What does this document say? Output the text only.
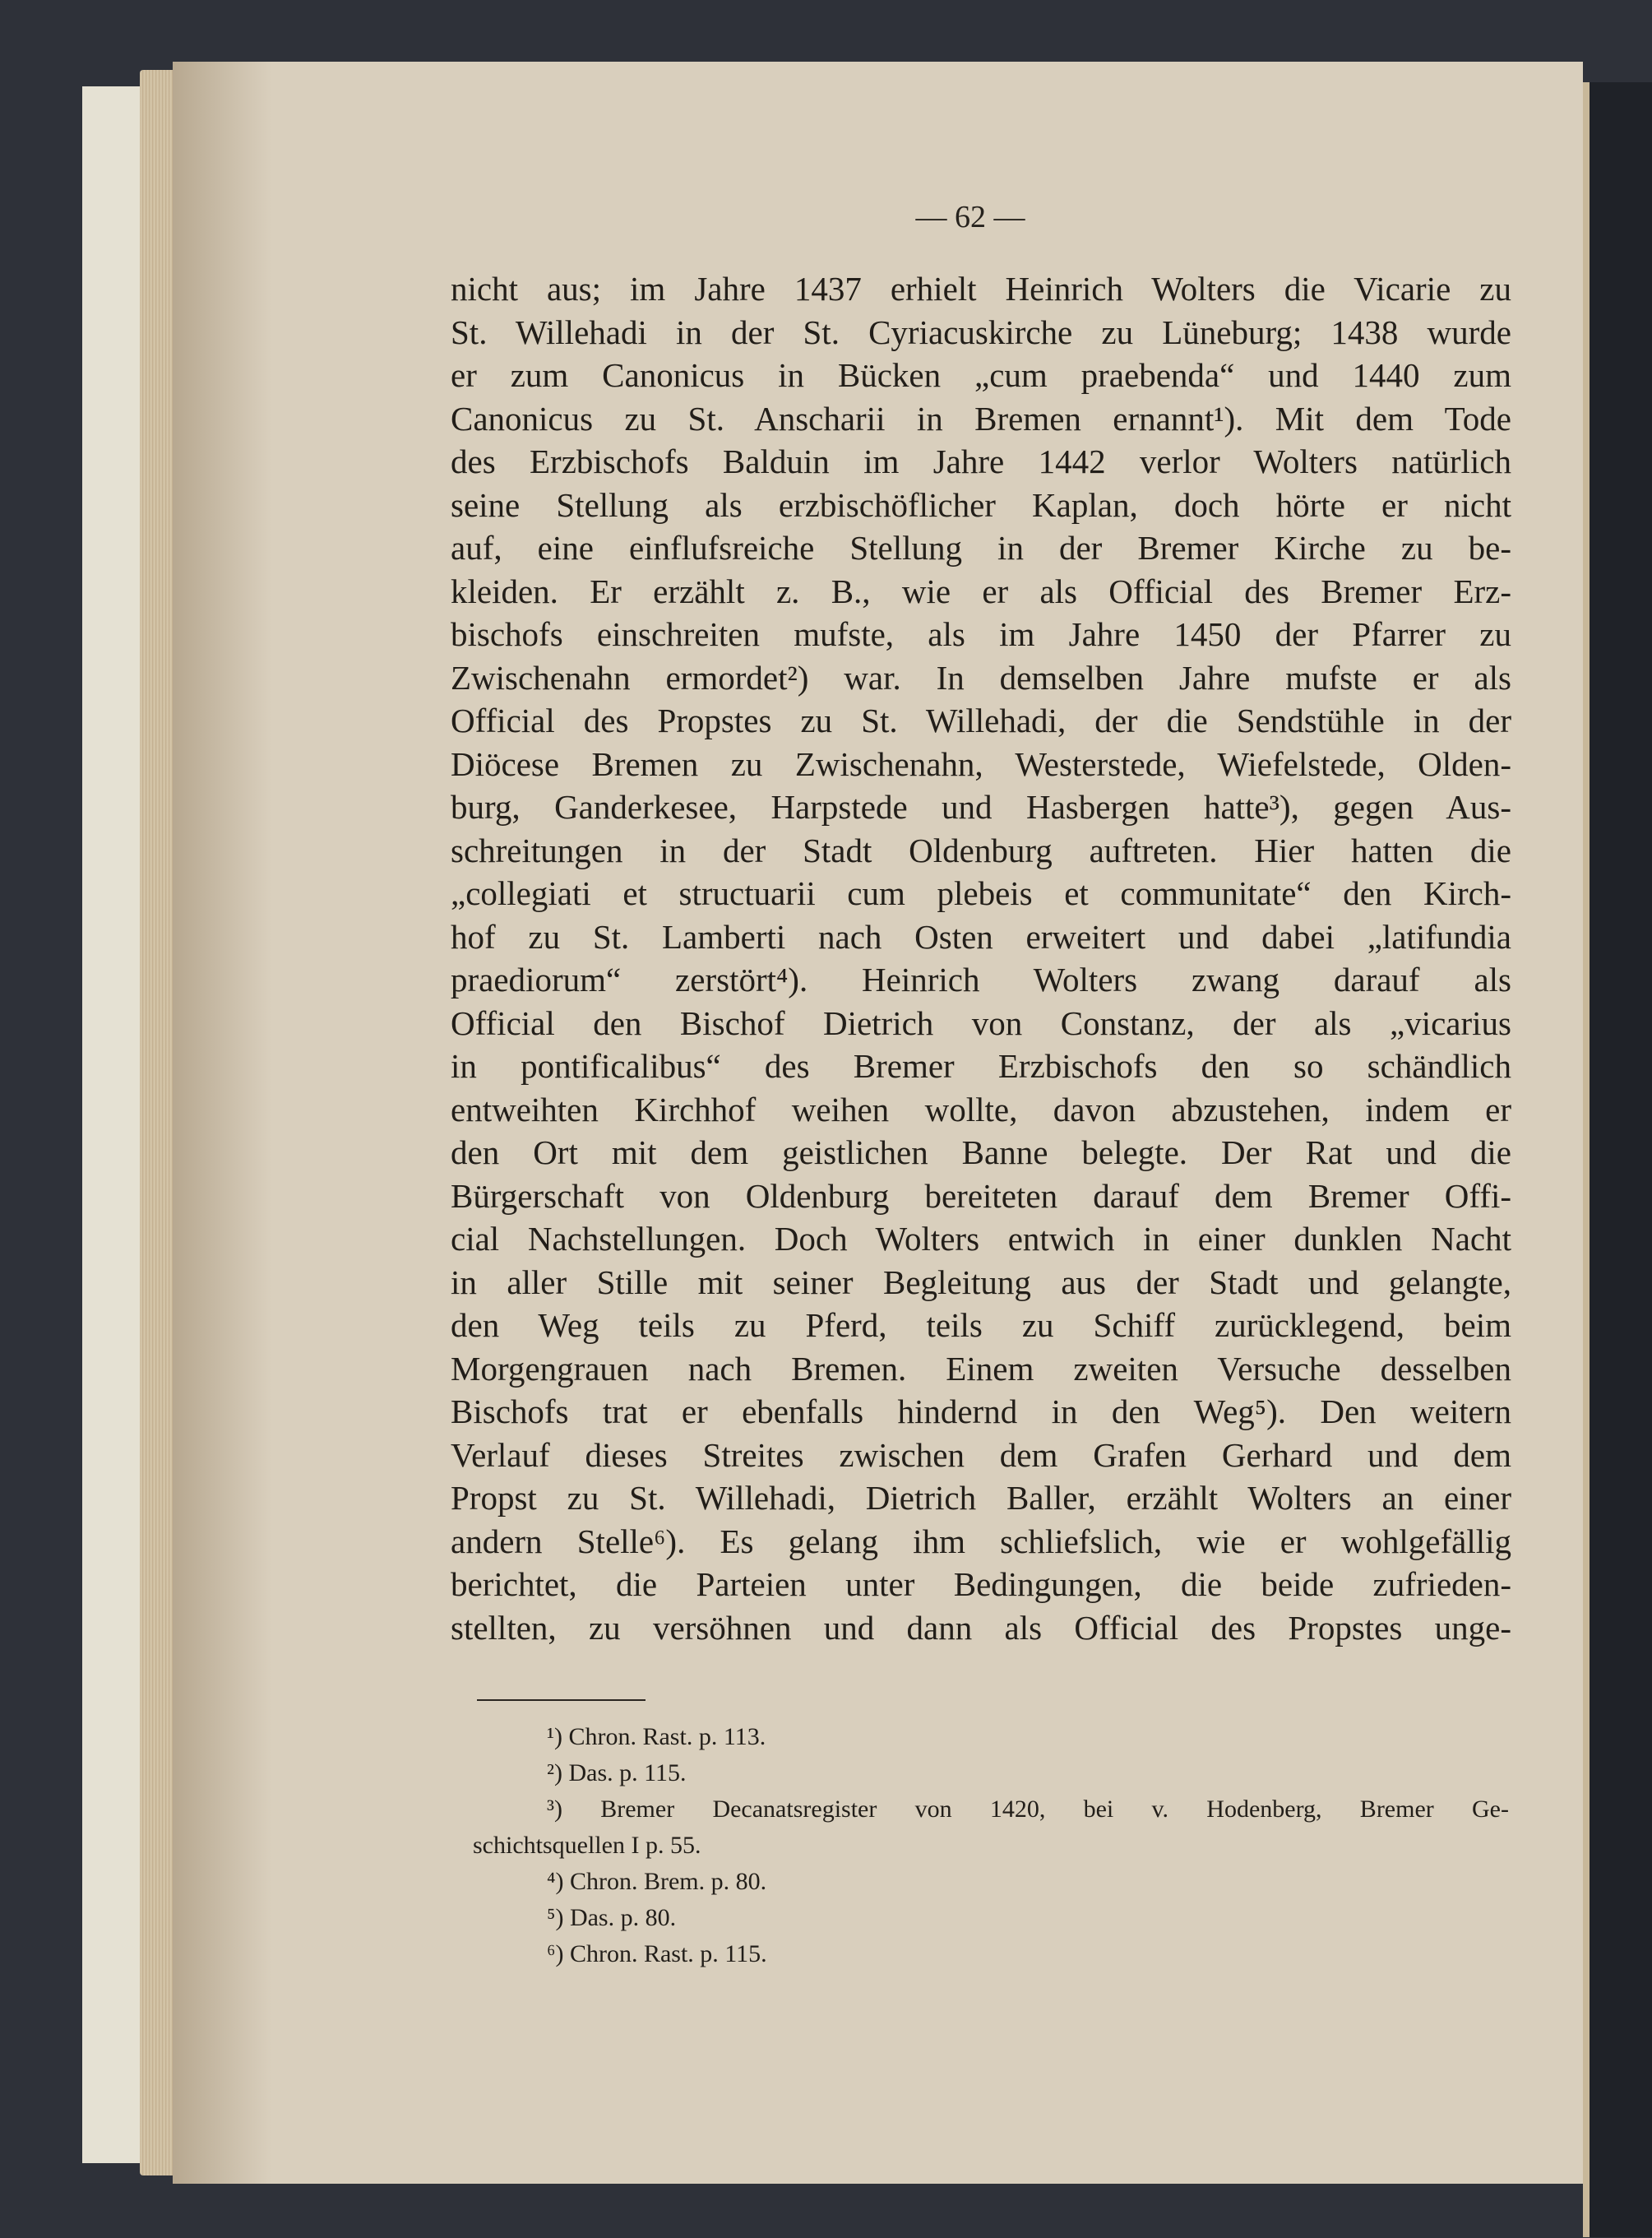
— 62 —
nicht aus; im Jahre 1437 erhielt Heinrich Wolters die Vicarie zu
St. Willehadi in der St. Cyriacuskirche zu Lüneburg; 1438 wurde
er zum Canonicus in Bücken „cum praebenda“ und 1440 zum
Canonicus zu St. Anscharii in Bremen ernannt¹). Mit dem Tode
des Erzbischofs Balduin im Jahre 1442 verlor Wolters natürlich
seine Stellung als erzbischöflicher Kaplan, doch hörte er nicht
auf, eine einflufsreiche Stellung in der Bremer Kirche zu be-
kleiden. Er erzählt z. B., wie er als Official des Bremer Erz-
bischofs einschreiten mufste, als im Jahre 1450 der Pfarrer zu
Zwischenahn ermordet²) war. In demselben Jahre mufste er als
Official des Propstes zu St. Willehadi, der die Sendstühle in der
Diöcese Bremen zu Zwischenahn, Westerstede, Wiefelstede, Olden-
burg, Ganderkesee, Harpstede und Hasbergen hatte³), gegen Aus-
schreitungen in der Stadt Oldenburg auftreten. Hier hatten die
„collegiati et structuarii cum plebeis et communitate“ den Kirch-
hof zu St. Lamberti nach Osten erweitert und dabei „latifundia
praediorum“ zerstört⁴). Heinrich Wolters zwang darauf als
Official den Bischof Dietrich von Constanz, der als „vicarius
in pontificalibus“ des Bremer Erzbischofs den so schändlich
entweihten Kirchhof weihen wollte, davon abzustehen, indem er
den Ort mit dem geistlichen Banne belegte. Der Rat und die
Bürgerschaft von Oldenburg bereiteten darauf dem Bremer Offi-
cial Nachstellungen. Doch Wolters entwich in einer dunklen Nacht
in aller Stille mit seiner Begleitung aus der Stadt und gelangte,
den Weg teils zu Pferd, teils zu Schiff zurücklegend, beim
Morgengrauen nach Bremen. Einem zweiten Versuche desselben
Bischofs trat er ebenfalls hindernd in den Weg⁵). Den weitern
Verlauf dieses Streites zwischen dem Grafen Gerhard und dem
Propst zu St. Willehadi, Dietrich Baller, erzählt Wolters an einer
andern Stelle⁶). Es gelang ihm schliefslich, wie er wohlgefällig
berichtet, die Parteien unter Bedingungen, die beide zufrieden-
stellten, zu versöhnen und dann als Official des Propstes unge-
¹) Chron. Rast. p. 113.
²) Das. p. 115.
³) Bremer Decanatsregister von 1420, bei v. Hodenberg, Bremer Ge-
schichtsquellen I p. 55.
⁴) Chron. Brem. p. 80.
⁵) Das. p. 80.
⁶) Chron. Rast. p. 115.
